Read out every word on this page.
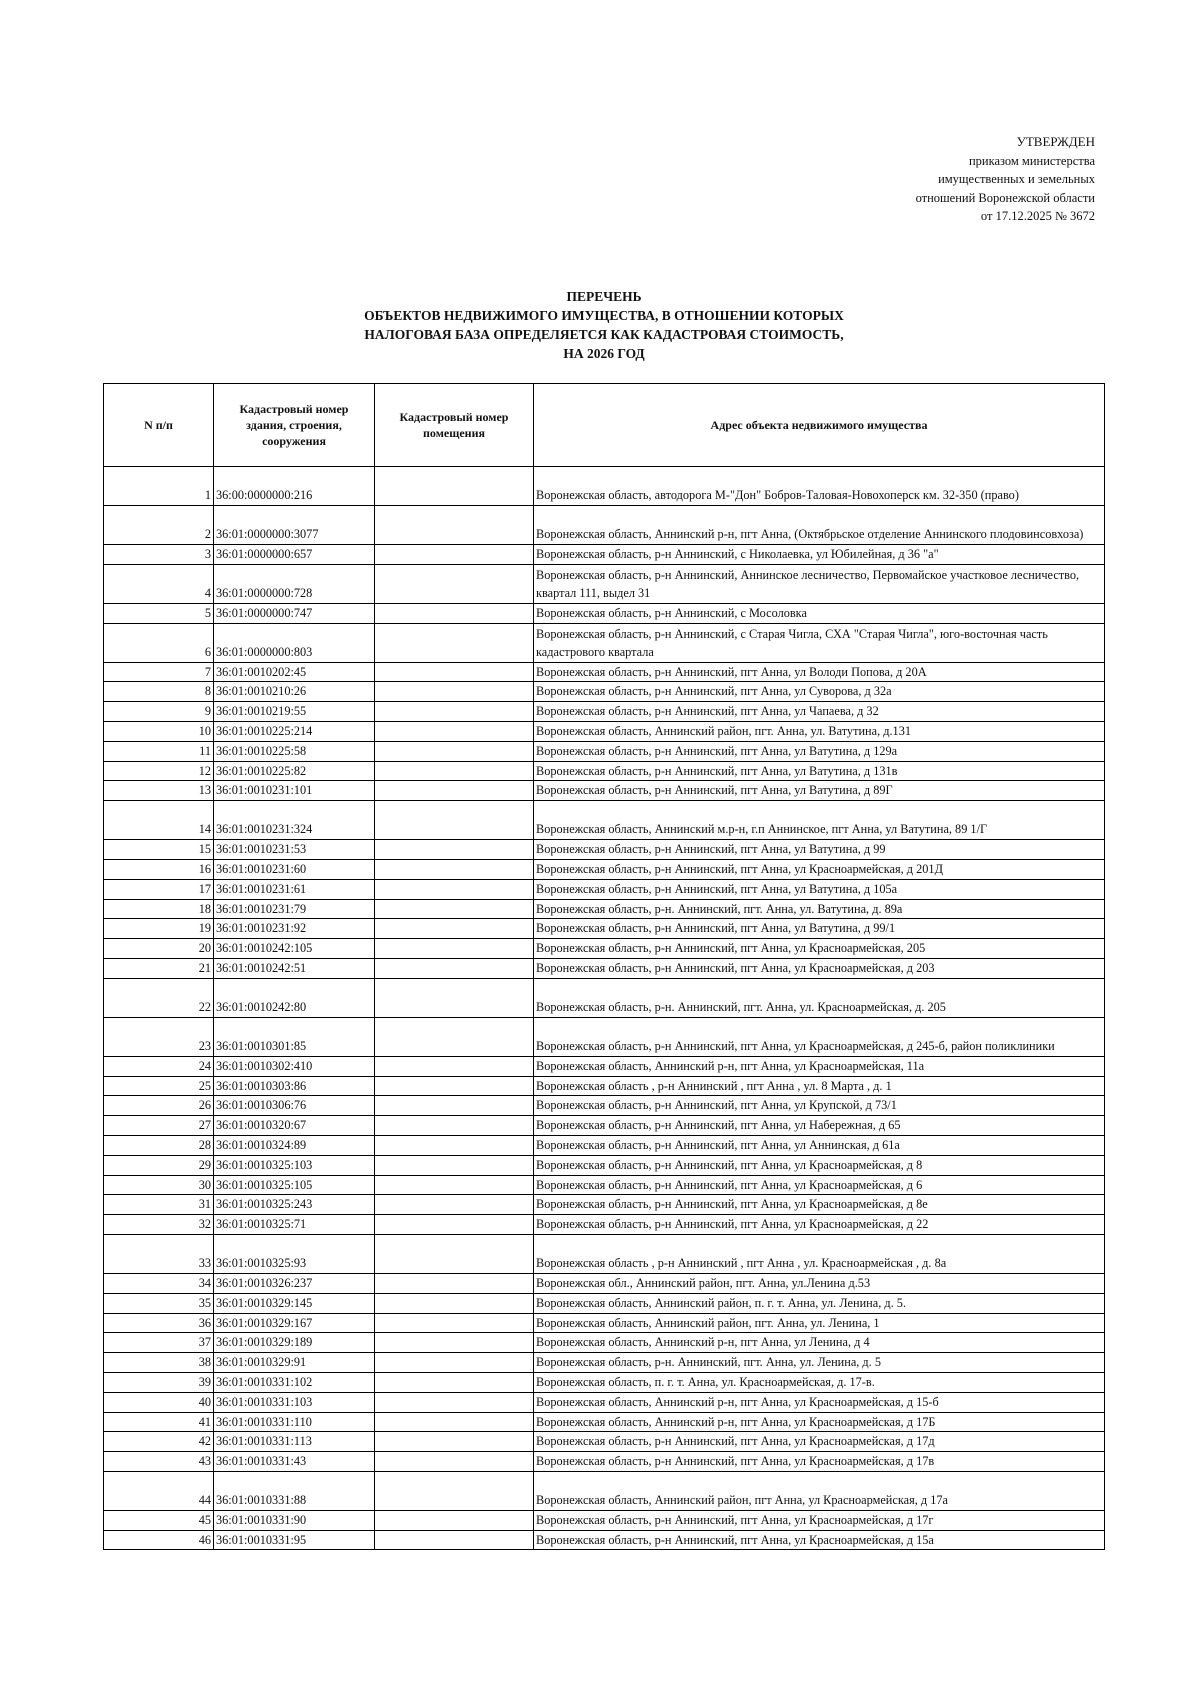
УТВЕРЖДЕН
приказом министерства
имущественных и земельных
отношений Воронежской области
от 17.12.2025 № 3672
ПЕРЕЧЕНЬ
ОБЪЕКТОВ НЕДВИЖИМОГО ИМУЩЕСТВА, В ОТНОШЕНИИ КОТОРЫХ
НАЛОГОВАЯ БАЗА ОПРЕДЕЛЯЕТСЯ КАК КАДАСТРОВАЯ СТОИМОСТЬ,
НА 2026 ГОД
N п/п	Кадастровый номер здания, строения, сооружения	Кадастровый номер помещения	Адрес объекта недвижимого имущества
1	36:00:0000000:216		Воронежская область, автодорога М-"Дон" Бобров-Таловая-Новохоперск км. 32-350 (право)
2	36:01:0000000:3077		Воронежская область, Аннинский р-н, пгт Анна, (Октябрьское отделение Аннинского плодовинсовхоза)
3	36:01:0000000:657		Воронежская область, р-н Аннинский, с Николаевка, ул Юбилейная, д 36 "а"
4	36:01:0000000:728		Воронежская область, р-н Аннинский, Аннинское лесничество, Первомайское участковое лесничество, квартал 111, выдел 31
5	36:01:0000000:747		Воронежская область, р-н Аннинский, с Мосоловка
6	36:01:0000000:803		Воронежская область, р-н Аннинский, с Старая Чигла, СХА "Старая Чигла", юго-восточная часть кадастрового квартала
7	36:01:0010202:45		Воронежская область, р-н Аннинский, пгт Анна, ул Володи Попова, д 20А
8	36:01:0010210:26		Воронежская область, р-н Аннинский, пгт Анна, ул Суворова, д 32а
9	36:01:0010219:55		Воронежская область, р-н Аннинский, пгт Анна, ул Чапаева, д 32
10	36:01:0010225:214		Воронежская область, Аннинский район, пгт. Анна, ул. Ватутина, д.131
11	36:01:0010225:58		Воронежская область, р-н Аннинский, пгт Анна, ул Ватутина, д 129а
12	36:01:0010225:82		Воронежская область, р-н Аннинский, пгт Анна, ул Ватутина, д 131в
13	36:01:0010231:101		Воронежская область, р-н Аннинский, пгт Анна, ул Ватутина, д 89Г
14	36:01:0010231:324		Воронежская область, Аннинский м.р-н, г.п Аннинское, пгт Анна, ул Ватутина, 89 1/Г
15	36:01:0010231:53		Воронежская область, р-н Аннинский, пгт Анна, ул Ватутина, д 99
16	36:01:0010231:60		Воронежская область, р-н Аннинский, пгт Анна, ул Красноармейская, д 201Д
17	36:01:0010231:61		Воронежская область, р-н Аннинский, пгт Анна, ул Ватутина, д 105а
18	36:01:0010231:79		Воронежская область, р-н. Аннинский, пгт. Анна, ул. Ватутина, д. 89а
19	36:01:0010231:92		Воронежская область, р-н Аннинский, пгт Анна, ул Ватутина, д 99/1
20	36:01:0010242:105		Воронежская область, р-н Аннинский, пгт Анна, ул Красноармейская, 205
21	36:01:0010242:51		Воронежская область, р-н Аннинский, пгт Анна, ул Красноармейская, д 203
22	36:01:0010242:80		Воронежская область, р-н. Аннинский, пгт. Анна, ул. Красноармейская, д. 205
23	36:01:0010301:85		Воронежская область, р-н Аннинский, пгт Анна, ул Красноармейская, д 245-б, район поликлиники
24	36:01:0010302:410		Воронежская область, Аннинский р-н, пгт Анна, ул Красноармейская, 11а
25	36:01:0010303:86		Воронежская область , р-н Аннинский , пгт Анна , ул. 8 Марта , д. 1
26	36:01:0010306:76		Воронежская область, р-н Аннинский, пгт Анна, ул Крупской, д 73/1
27	36:01:0010320:67		Воронежская область, р-н Аннинский, пгт Анна, ул Набережная, д 65
28	36:01:0010324:89		Воронежская область, р-н Аннинский, пгт Анна, ул Аннинская, д 61а
29	36:01:0010325:103		Воронежская область, р-н Аннинский, пгт Анна, ул Красноармейская, д 8
30	36:01:0010325:105		Воронежская область, р-н Аннинский, пгт Анна, ул Красноармейская, д 6
31	36:01:0010325:243		Воронежская область, р-н Аннинский, пгт Анна, ул Красноармейская, д 8е
32	36:01:0010325:71		Воронежская область, р-н Аннинский, пгт Анна, ул Красноармейская, д 22
33	36:01:0010325:93		Воронежская область , р-н Аннинский , пгт Анна , ул. Красноармейская , д. 8а
34	36:01:0010326:237		Воронежская обл., Аннинский район, пгт. Анна, ул.Ленина д.53
35	36:01:0010329:145		Воронежская область, Аннинский район, п. г. т. Анна, ул. Ленина, д. 5.
36	36:01:0010329:167		Воронежская область, Аннинский район, пгт. Анна, ул. Ленина, 1
37	36:01:0010329:189		Воронежская область, Аннинский р-н, пгт Анна, ул Ленина, д 4
38	36:01:0010329:91		Воронежская область, р-н. Аннинский, пгт. Анна, ул. Ленина, д. 5
39	36:01:0010331:102		Воронежская область, п. г. т. Анна, ул. Красноармейская, д. 17-в.
40	36:01:0010331:103		Воронежская область, Аннинский р-н, пгт Анна, ул Красноармейская, д 15-б
41	36:01:0010331:110		Воронежская область, Аннинский р-н, пгт Анна, ул Красноармейская, д 17Б
42	36:01:0010331:113		Воронежская область, р-н Аннинский, пгт Анна, ул Красноармейская, д 17д
43	36:01:0010331:43		Воронежская область, р-н Аннинский, пгт Анна, ул Красноармейская, д 17в
44	36:01:0010331:88		Воронежская область, Аннинский район, пгт Анна, ул Красноармейская, д 17а
45	36:01:0010331:90		Воронежская область, р-н Аннинский, пгт Анна, ул Красноармейская, д 17г
46	36:01:0010331:95		Воронежская область, р-н Аннинский, пгт Анна, ул Красноармейская, д 15а
